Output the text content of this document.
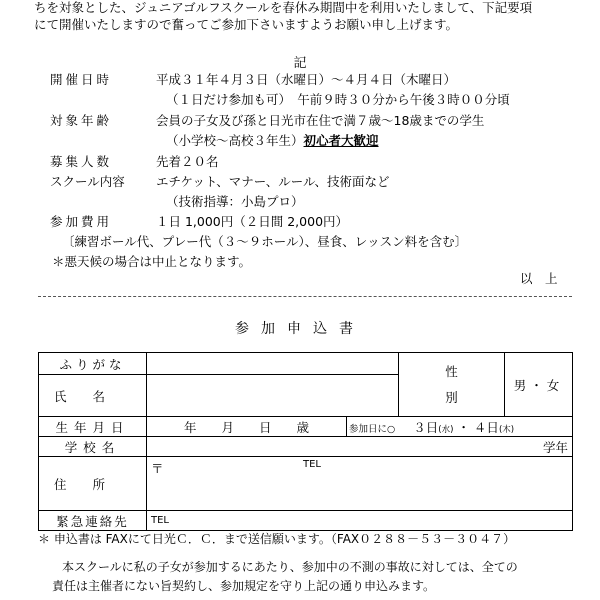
ちを対象とした、ジュニアゴルフスクールを春休み期間中を利用いたしまして、下記要項
にて開催いたしますので奮ってご参加下さいますようお願い申し上げます。
記
開催日時	平成３１年４月３日（水曜日）～４月４日（木曜日）
（１日だけ参加も可）　午前９時３０分から午後３時００分頃
対象年齢	会員の子女及び孫と日光市在住で満７歳～18歳までの学生
（小学校～高校３年生）初心者大歓迎
募集人数	先着２０名
スクール内容 エチケット、マナー、ルール、技術面など
（技術指導：小島プロ）
参加費用	１日 1,000円（２日間 2,000円）
〔練習ボール代、プレー代（３～９ホール）、昼食、レッスン料を含む〕
＊悪天候の場合は中止となります。
以　上
参加申込書
ふりがな			性別	男・女
氏名				
生年月日	年　　月　　日　　歳	参加日に○ ３日(水) ・ ４日(木)		
学校名	学年			
住所	〒 TEL			

緊急連絡先	TEL			
＊ 申込書は FAXにて日光Ｃ．Ｃ．まで送信願います。（FAX０２８８－５３－３０４７）
本スクールに私の子女が参加するにあたり、参加中の不測の事故に対しては、全ての
責任は主催者にない旨契約し、参加規定を守り上記の通り申込みます。
